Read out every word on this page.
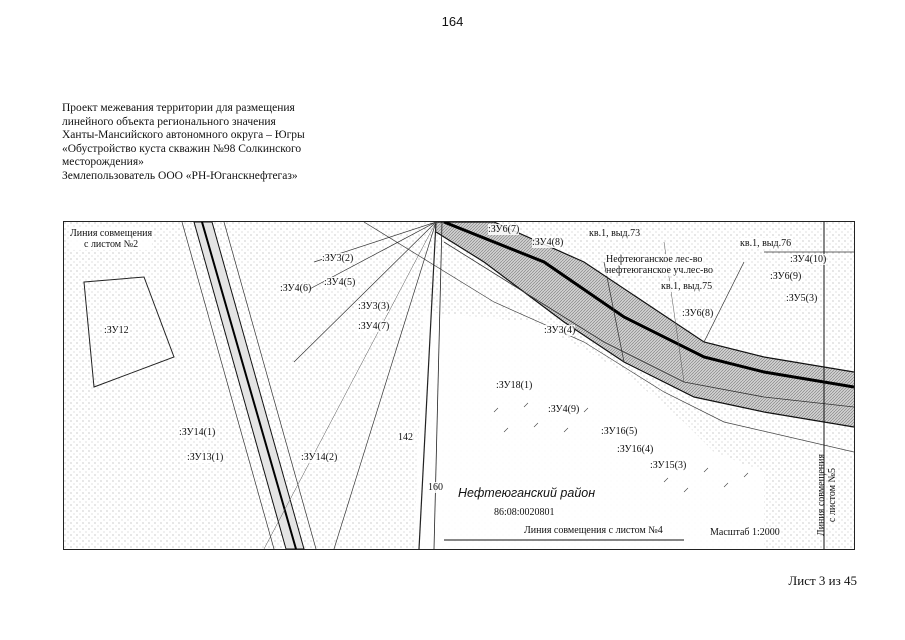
164
Проект межевания территории для размещения
линейного объекта регионального значения
Ханты-Мансийского автономного округа – Югры
«Обустройство куста скважин №98 Солкинского
месторождения»
Землепользователь ООО «РН-Юганскнефтегаз»
Линия совмещения
с листом №2
:ЗУ12
:ЗУ3(2)
:ЗУ4(5)
:ЗУ4(6)
:ЗУ3(3)
:ЗУ4(7)
:ЗУ6(7)
:ЗУ4(8)
кв.1, выд.73
кв.1, выд.76
Нефтеюганское лес-во
нефтеюганское уч.лес-во
кв.1, выд.75
:ЗУ4(10)
:ЗУ6(9)
:ЗУ5(3)
:ЗУ6(8)
:ЗУ3(4)
:ЗУ18(1)
:ЗУ4(9)
:ЗУ16(5)
:ЗУ16(4)
:ЗУ15(3)
:ЗУ14(1)
:ЗУ13(1)	:ЗУ14(2)
142
160 Нефтеюганский район
86:08:0020801
Линия совмещения с листом №4	Масштаб 1:2000	Линия совмещения с листом №5
Лист 3 из 45
